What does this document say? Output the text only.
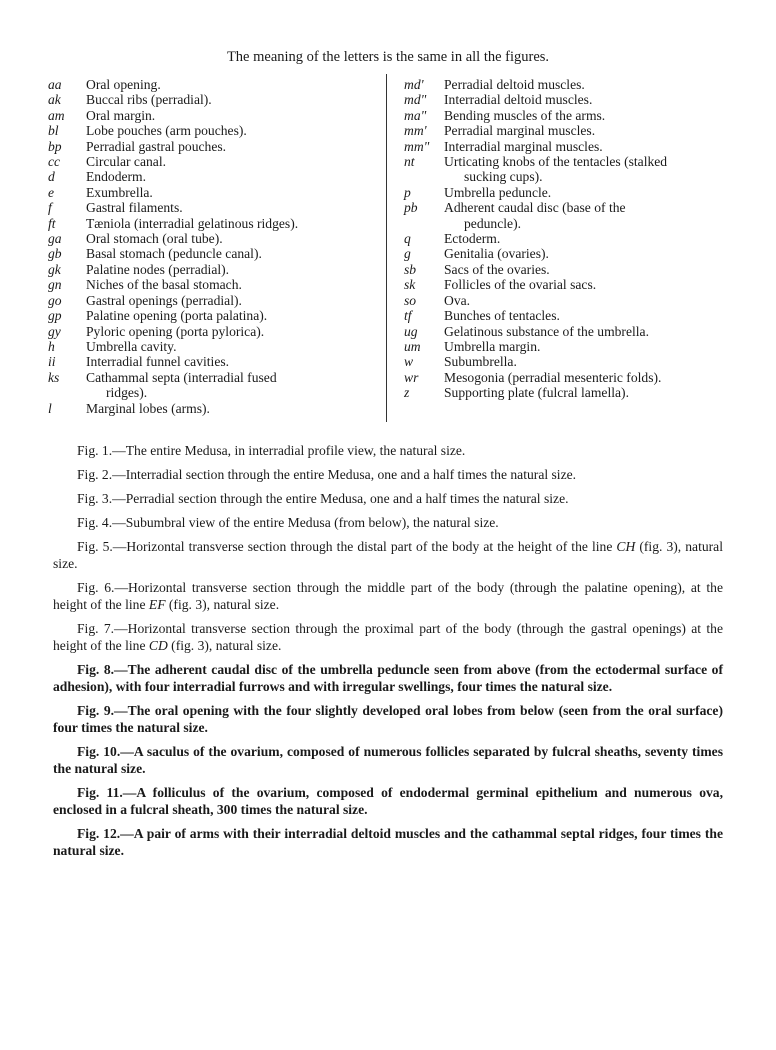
The meaning of the letters is the same in all the figures.
aa	Oral opening.
ak	Buccal ribs (perradial).
am	Oral margin.
bl	Lobe pouches (arm pouches).
bp	Perradial gastral pouches.
cc	Circular canal.
d	Endoderm.
e	Exumbrella.
f	Gastral filaments.
ft	Tæniola (interradial gelatinous ridges).
ga	Oral stomach (oral tube).
gb	Basal stomach (peduncle canal).
gk	Palatine nodes (perradial).
gn	Niches of the basal stomach.
go	Gastral openings (perradial).
gp	Palatine opening (porta palatina).
gy	Pyloric opening (porta pylorica).
h	Umbrella cavity.
ii	Interradial funnel cavities.
ks	Cathammal septa (interradial fused
ridges).
l	Marginal lobes (arms).
md'	Perradial deltoid muscles.
md"	Interradial deltoid muscles.
ma"	Bending muscles of the arms.
mm'	Perradial marginal muscles.
mm"	Interradial marginal muscles.
nt	Urticating knobs of the tentacles (stalked
sucking cups).
p	Umbrella peduncle.
pb	Adherent caudal disc (base of the
peduncle).
q	Ectoderm.
g	Genitalia (ovaries).
sb	Sacs of the ovaries.
sk	Follicles of the ovarial sacs.
so	Ova.
tf	Bunches of tentacles.
ug	Gelatinous substance of the umbrella.
um	Umbrella margin.
w	Subumbrella.
wr	Mesogonia (perradial mesenteric folds).
z	Supporting plate (fulcral lamella).

Fig. 1.—The entire Medusa, in interradial profile view, the natural size.

Fig. 2.—Interradial section through the entire Medusa, one and a half times the natural size.

Fig. 3.—Perradial section through the entire Medusa, one and a half times the natural size.

Fig. 4.—Subumbral view of the entire Medusa (from below), the natural size.

Fig. 5.—Horizontal transverse section through the distal part of the body at the height of the line CH (fig. 3), natural size.

Fig. 6.—Horizontal transverse section through the middle part of the body (through the palatine opening), at the height of the line EF (fig. 3), natural size.

Fig. 7.—Horizontal transverse section through the proximal part of the body (through the gastral openings) at the height of the line CD (fig. 3), natural size.

Fig. 8.—The adherent caudal disc of the umbrella peduncle seen from above (from the ectodermal surface of adhesion), with four interradial furrows and with irregular swellings, four times the natural size.

Fig. 9.—The oral opening with the four slightly developed oral lobes from below (seen from the oral surface) four times the natural size.

Fig. 10.—A saculus of the ovarium, composed of numerous follicles separated by fulcral sheaths, seventy times the natural size.

Fig. 11.—A folliculus of the ovarium, composed of endodermal germinal epithelium and numerous ova, enclosed in a fulcral sheath, 300 times the natural size.

Fig. 12.—A pair of arms with their interradial deltoid muscles and the cathammal septal ridges, four times the natural size.
